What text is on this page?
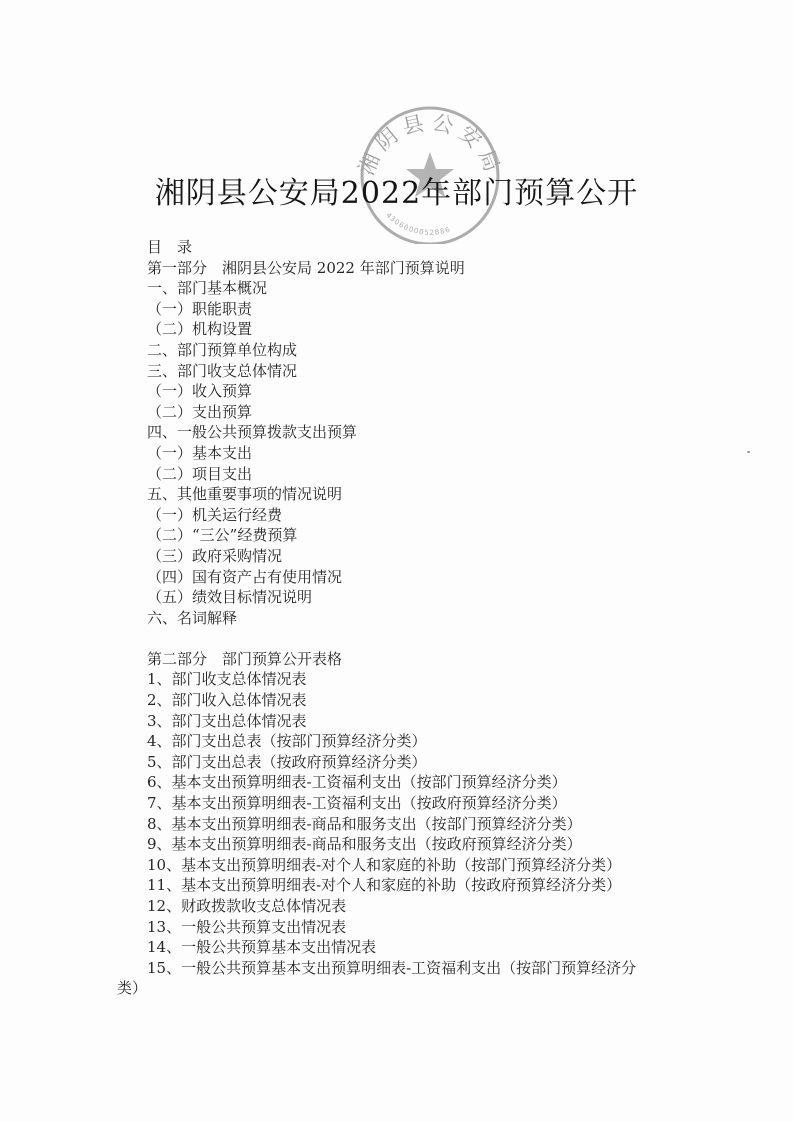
湘阴县公安局
4306000052886
湘阴县公安局2022年部门预算公开
目　录
第一部分　湘阴县公安局 2022 年部门预算说明
一、部门基本概况
（一）职能职责
（二）机构设置
二、部门预算单位构成
三、部门收支总体情况
（一）收入预算
（二）支出预算
四、一般公共预算拨款支出预算
（一）基本支出
（二）项目支出
五、其他重要事项的情况说明
（一）机关运行经费
（二）“三公”经费预算
（三）政府采购情况
（四）国有资产占有使用情况
（五）绩效目标情况说明
六、名词解释
第二部分　部门预算公开表格
1、部门收支总体情况表
2、部门收入总体情况表
3、部门支出总体情况表
4、部门支出总表（按部门预算经济分类）
5、部门支出总表（按政府预算经济分类）
6、基本支出预算明细表-工资福利支出（按部门预算经济分类）
7、基本支出预算明细表-工资福利支出（按政府预算经济分类）
8、基本支出预算明细表-商品和服务支出（按部门预算经济分类）
9、基本支出预算明细表-商品和服务支出（按政府预算经济分类）
10、基本支出预算明细表-对个人和家庭的补助（按部门预算经济分类）
11、基本支出预算明细表-对个人和家庭的补助（按政府预算经济分类）
12、财政拨款收支总体情况表
13、一般公共预算支出情况表
14、一般公共预算基本支出情况表
15、一般公共预算基本支出预算明细表-工资福利支出（按部门预算经济分
类）
